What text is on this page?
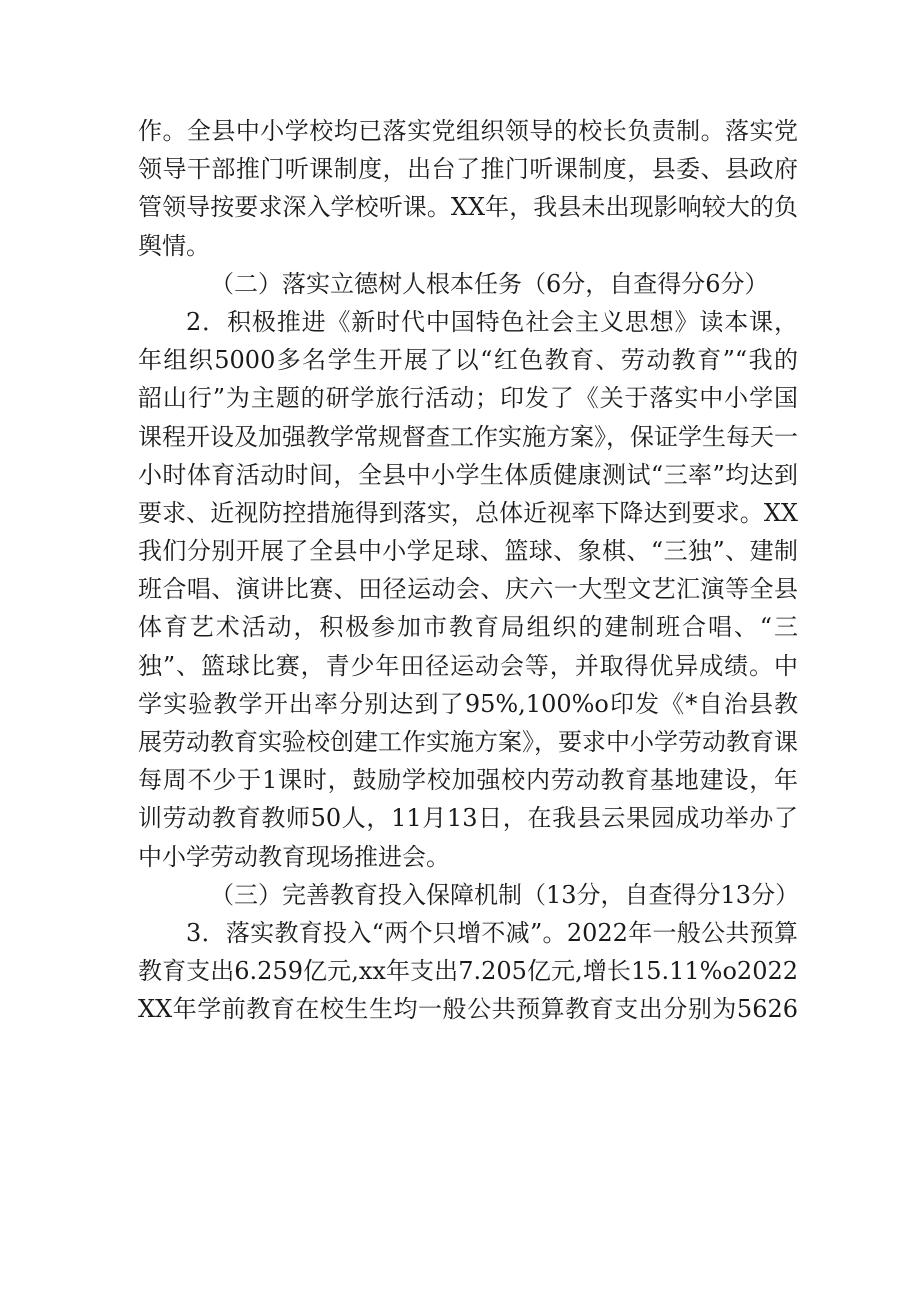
作。全县中小学校均已落实党组织领导的校长负责制。落实党
领导干部推门听课制度，出台了推门听课制度，县委、县政府
管领导按要求深入学校听课。XX年，我县未出现影响较大的负
舆情。
（二）落实立德树人根本任务（6分，自查得分6分）
2．积极推进《新时代中国特色社会主义思想》读本课，
年组织5000多名学生开展了以“红色教育、劳动教育”“我的
韶山行”为主题的研学旅行活动；印发了《关于落实中小学国
课程开设及加强教学常规督查工作实施方案》，保证学生每天一
小时体育活动时间，全县中小学生体质健康测试“三率”均达到
要求、近视防控措施得到落实，总体近视率下降达到要求。XX
我们分别开展了全县中小学足球、篮球、象棋、“三独”、建制
班合唱、演讲比赛、田径运动会、庆六一大型文艺汇演等全县
体育艺术活动，积极参加市教育局组织的建制班合唱、“三
独”、篮球比赛，青少年田径运动会等，并取得优异成绩。中
学实验教学开出率分别达到了95%,100%o印发《*自治县教
展劳动教育实验校创建工作实施方案》，要求中小学劳动教育课
每周不少于1课时，鼓励学校加强校内劳动教育基地建设，年
训劳动教育教师50人，11月13日，在我县云果园成功举办了
中小学劳动教育现场推进会。
（三）完善教育投入保障机制（13分，自查得分13分）
3．落实教育投入“两个只增不减”。2022年一般公共预算
教育支出6.259亿元,xx年支出7.205亿元,增长15.11%o2022
XX年学前教育在校生生均一般公共预算教育支出分别为5626
